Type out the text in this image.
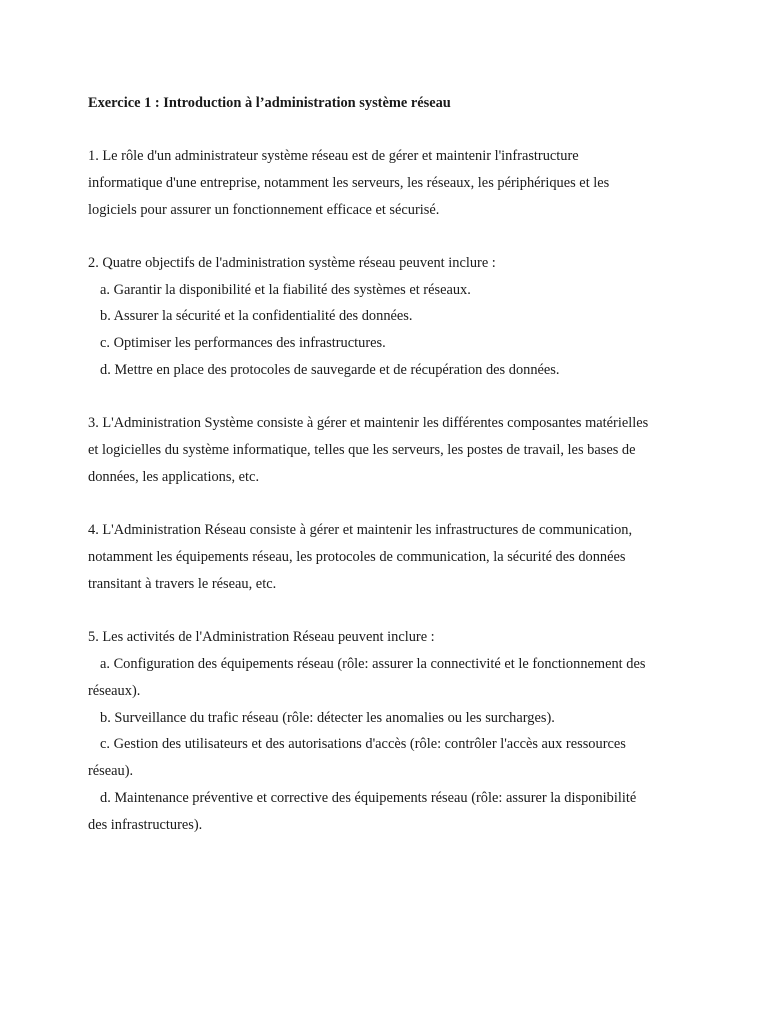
Exercice 1 : Introduction à l’administration système réseau

1. Le rôle d'un administrateur système réseau est de gérer et maintenir l'infrastructure

informatique d'une entreprise, notamment les serveurs, les réseaux, les périphériques et les

logiciels pour assurer un fonctionnement efficace et sécurisé.

2. Quatre objectifs de l'administration système réseau peuvent inclure :

a. Garantir la disponibilité et la fiabilité des systèmes et réseaux.

b. Assurer la sécurité et la confidentialité des données.

c. Optimiser les performances des infrastructures.

d. Mettre en place des protocoles de sauvegarde et de récupération des données.

3. L'Administration Système consiste à gérer et maintenir les différentes composantes matérielles

et logicielles du système informatique, telles que les serveurs, les postes de travail, les bases de

données, les applications, etc.

4. L'Administration Réseau consiste à gérer et maintenir les infrastructures de communication,

notamment les équipements réseau, les protocoles de communication, la sécurité des données

transitant à travers le réseau, etc.

5. Les activités de l'Administration Réseau peuvent inclure :

a. Configuration des équipements réseau (rôle: assurer la connectivité et le fonctionnement des

réseaux).

b. Surveillance du trafic réseau (rôle: détecter les anomalies ou les surcharges).

c. Gestion des utilisateurs et des autorisations d'accès (rôle: contrôler l'accès aux ressources

réseau).

d. Maintenance préventive et corrective des équipements réseau (rôle: assurer la disponibilité

des infrastructures).
